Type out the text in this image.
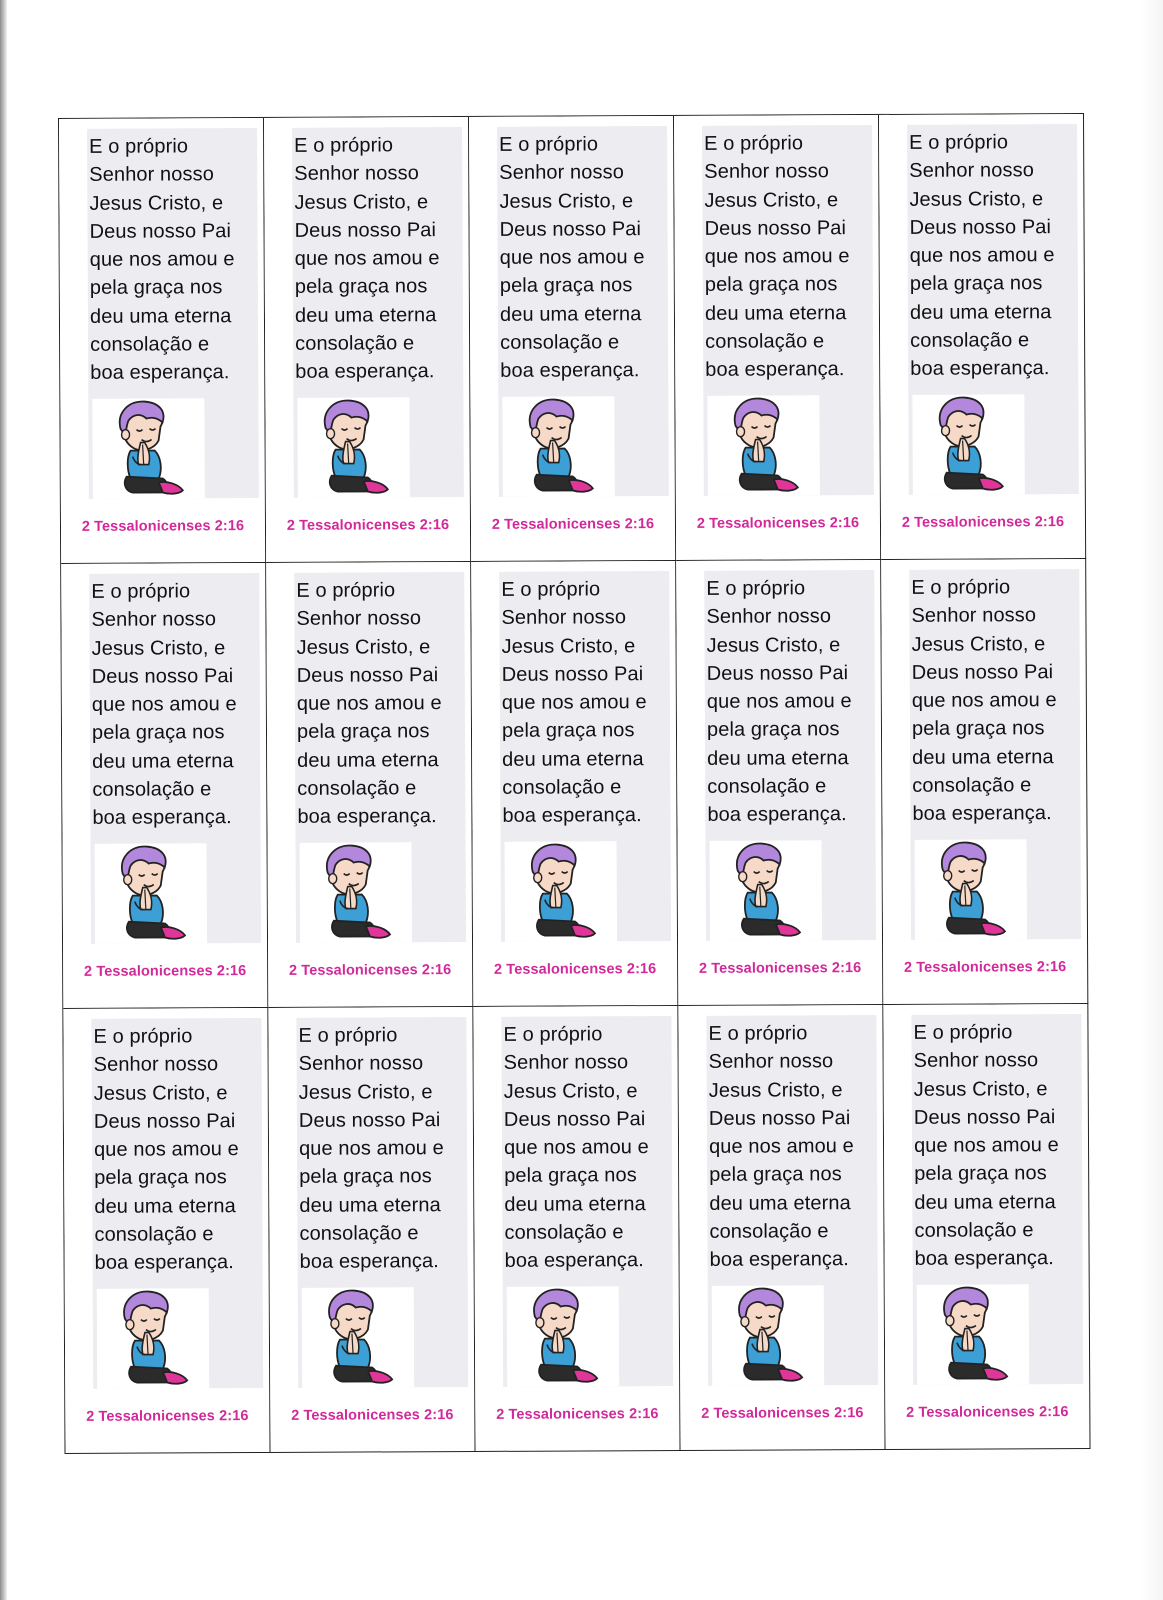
E o próprio
Senhor nosso
Jesus Cristo, e
Deus nosso Pai
que nos amou e
pela graça nos
deu uma eterna
consolação e
boa esperança.

2 Tessalonicenses 2:16

E o próprio
Senhor nosso
Jesus Cristo, e
Deus nosso Pai
que nos amou e
pela graça nos
deu uma eterna
consolação e
boa esperança.

2 Tessalonicenses 2:16

E o próprio
Senhor nosso
Jesus Cristo, e
Deus nosso Pai
que nos amou e
pela graça nos
deu uma eterna
consolação e
boa esperança.

2 Tessalonicenses 2:16

E o próprio
Senhor nosso
Jesus Cristo, e
Deus nosso Pai
que nos amou e
pela graça nos
deu uma eterna
consolação e
boa esperança.

2 Tessalonicenses 2:16

E o próprio
Senhor nosso
Jesus Cristo, e
Deus nosso Pai
que nos amou e
pela graça nos
deu uma eterna
consolação e
boa esperança.

2 Tessalonicenses 2:16

E o próprio
Senhor nosso
Jesus Cristo, e
Deus nosso Pai
que nos amou e
pela graça nos
deu uma eterna
consolação e
boa esperança.

2 Tessalonicenses 2:16

E o próprio
Senhor nosso
Jesus Cristo, e
Deus nosso Pai
que nos amou e
pela graça nos
deu uma eterna
consolação e
boa esperança.

2 Tessalonicenses 2:16

E o próprio
Senhor nosso
Jesus Cristo, e
Deus nosso Pai
que nos amou e
pela graça nos
deu uma eterna
consolação e
boa esperança.

2 Tessalonicenses 2:16

E o próprio
Senhor nosso
Jesus Cristo, e
Deus nosso Pai
que nos amou e
pela graça nos
deu uma eterna
consolação e
boa esperança.

2 Tessalonicenses 2:16

E o próprio
Senhor nosso
Jesus Cristo, e
Deus nosso Pai
que nos amou e
pela graça nos
deu uma eterna
consolação e
boa esperança.

2 Tessalonicenses 2:16

E o próprio
Senhor nosso
Jesus Cristo, e
Deus nosso Pai
que nos amou e
pela graça nos
deu uma eterna
consolação e
boa esperança.

2 Tessalonicenses 2:16

E o próprio
Senhor nosso
Jesus Cristo, e
Deus nosso Pai
que nos amou e
pela graça nos
deu uma eterna
consolação e
boa esperança.

2 Tessalonicenses 2:16

E o próprio
Senhor nosso
Jesus Cristo, e
Deus nosso Pai
que nos amou e
pela graça nos
deu uma eterna
consolação e
boa esperança.

2 Tessalonicenses 2:16

E o próprio
Senhor nosso
Jesus Cristo, e
Deus nosso Pai
que nos amou e
pela graça nos
deu uma eterna
consolação e
boa esperança.

2 Tessalonicenses 2:16

E o próprio
Senhor nosso
Jesus Cristo, e
Deus nosso Pai
que nos amou e
pela graça nos
deu uma eterna
consolação e
boa esperança.

2 Tessalonicenses 2:16
